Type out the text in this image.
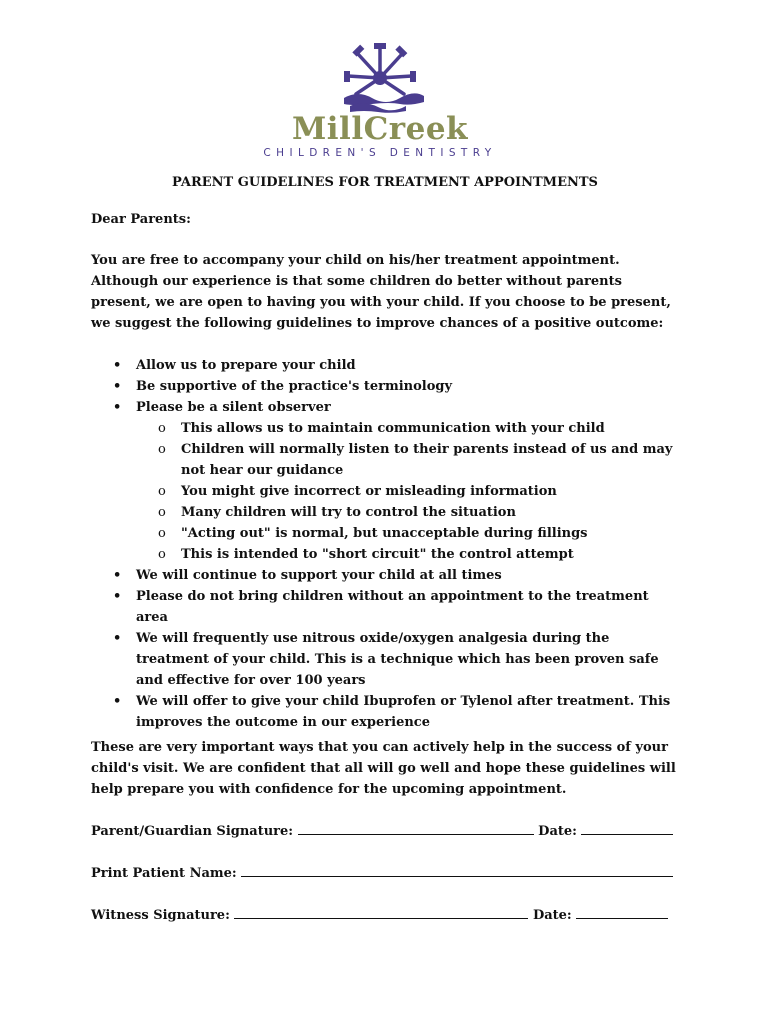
MillCreek
CHILDREN'S DENTISTRY
PARENT GUIDELINES FOR TREATMENT APPOINTMENTS
Dear Parents:
You are free to accompany your child on his/her treatment appointment. Although our experience is that some children do better without parents present, we are open to having you with your child. If you choose to be present, we suggest the following guidelines to improve chances of a positive outcome:
• Allow us to prepare your child
• Be supportive of the practice's terminology
• Please be a silent observer
o This allows us to maintain communication with your child
o Children will normally listen to their parents instead of us and may not hear our guidance
o You might give incorrect or misleading information
o Many children will try to control the situation
o "Acting out" is normal, but unacceptable during fillings
o This is intended to "short circuit" the control attempt
• We will continue to support your child at all times
• Please do not bring children without an appointment to the treatment area
• We will frequently use nitrous oxide/oxygen analgesia during the treatment of your child. This is a technique which has been proven safe and effective for over 100 years
• We will offer to give your child Ibuprofen or Tylenol after treatment. This improves the outcome in our experience
These are very important ways that you can actively help in the success of your child's visit. We are confident that all will go well and hope these guidelines will help prepare you with confidence for the upcoming appointment.
Parent/Guardian Signature:	Date:
Print Patient Name:
Witness Signature:	Date:
